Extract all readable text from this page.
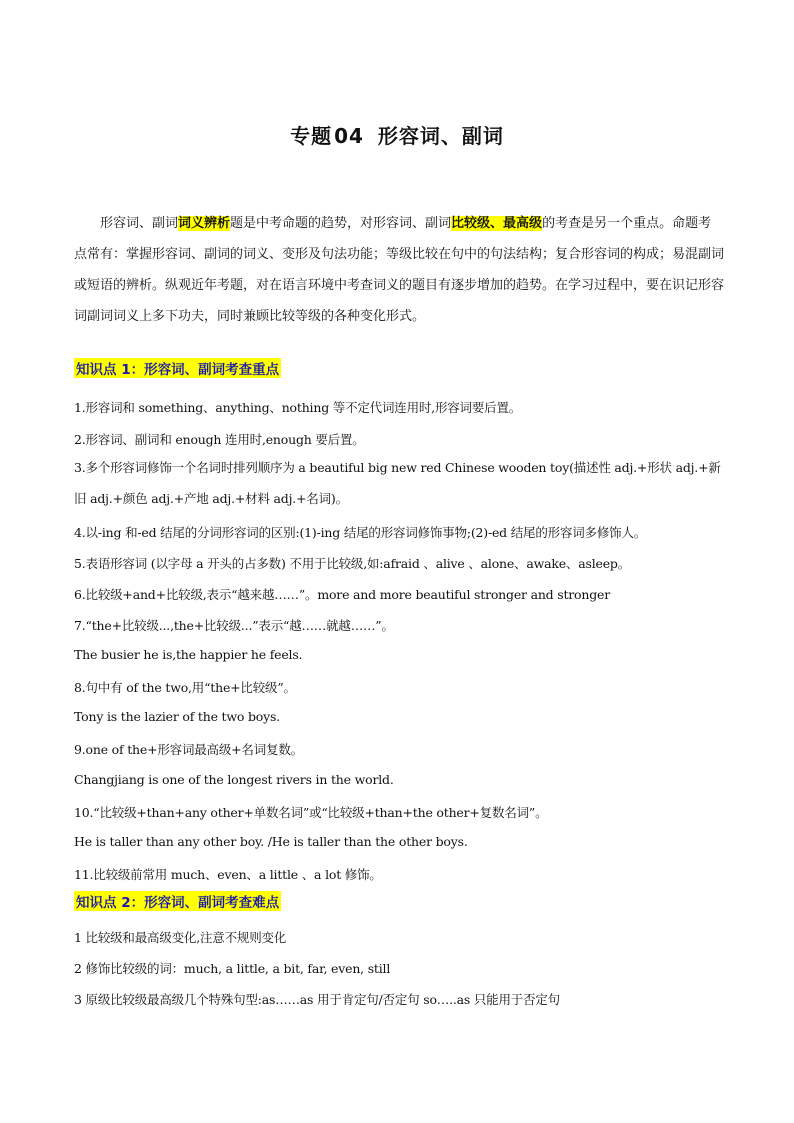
专题 04 形容词、副词
形容词、副词词义辨析题是中考命题的趋势，对形容词、副词比较级、最高级的考查是另一个重点。命题考点常有：掌握形容词、副词的词义、变形及句法功能；等级比较在句中的句法结构；复合形容词的构成；易混副词或短语的辨析。纵观近年考题，对在语言环境中考查词义的题目有逐步增加的趋势。在学习过程中，要在识记形容词副词词义上多下功夫，同时兼顾比较等级的各种变化形式。
知识点 1：形容词、副词考查重点
1.形容词和 something、anything、nothing 等不定代词连用时,形容词要后置。
2.形容词、副词和 enough 连用时,enough 要后置。
3.多个形容词修饰一个名词时排列顺序为 a beautiful big new red Chinese wooden toy(描述性 adj.+形状 adj.+新旧 adj.+颜色 adj.+产地 adj.+材料 adj.+名词)。
4.以-ing 和-ed 结尾的分词形容词的区别:(1)-ing 结尾的形容词修饰事物;(2)-ed 结尾的形容词多修饰人。
5.表语形容词 (以字母 a 开头的占多数) 不用于比较级,如:afraid 、alive 、alone、awake、asleep。
6.比较级+and+比较级,表示“越来越……”。more and more beautiful stronger and stronger
7.“the+比较级...,the+比较级...”表示“越……就越……”。
The busier he is,the happier he feels.
8.句中有 of the two,用“the+比较级”。
Tony is the lazier of the two boys.
9.one of the+形容词最高级+名词复数。
Changjiang is one of the longest rivers in the world.
10.“比较级+than+any other+单数名词”或“比较级+than+the other+复数名词”。
He is taller than any other boy. /He is taller than the other boys.
11.比较级前常用 much、even、a little 、a lot 修饰。
知识点 2：形容词、副词考查难点
1 比较级和最高级变化,注意不规则变化
2 修饰比较级的词：much, a little, a bit, far, even, still
3 原级比较级最高级几个特殊句型:as……as 用于肯定句/否定句 so…..as 只能用于否定句
